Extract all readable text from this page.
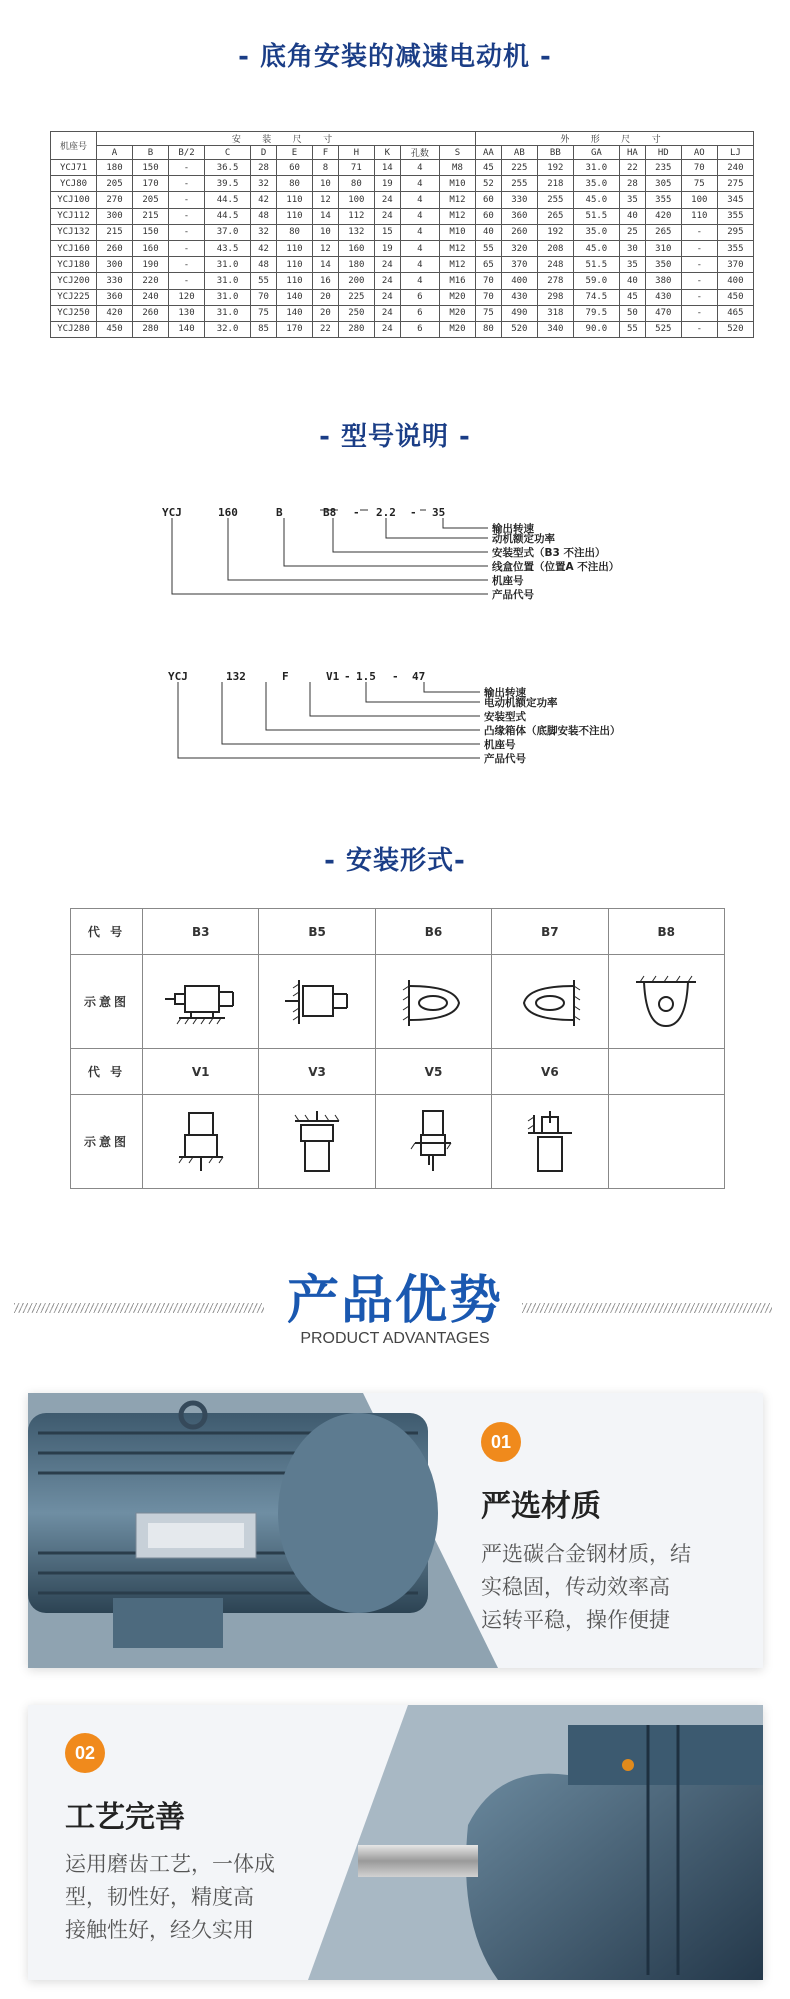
- 底角安装的减速电动机 -
机座号	安 装 尺 寸											外 形 尺 寸							
	A	B	B/2	C	D	E	F	H	K	孔数	S	AA	AB	BB	GA	HA	HD	AO	LJ
YCJ71	180	150	-	36.5	28	60	8	71	14	4	M8	45	225	192	31.0	22	235	70	240
YCJ80	205	170	-	39.5	32	80	10	80	19	4	M10	52	255	218	35.0	28	305	75	275
YCJ100	270	205	-	44.5	42	110	12	100	24	4	M12	60	330	255	45.0	35	355	100	345
YCJ112	300	215	-	44.5	48	110	14	112	24	4	M12	60	360	265	51.5	40	420	110	355
YCJ132	215	150	-	37.0	32	80	10	132	15	4	M10	40	260	192	35.0	25	265	-	295
YCJ160	260	160	-	43.5	42	110	12	160	19	4	M12	55	320	208	45.0	30	310	-	355
YCJ180	300	190	-	31.0	48	110	14	180	24	4	M12	65	370	248	51.5	35	350	-	370
YCJ200	330	220	-	31.0	55	110	16	200	24	4	M16	70	400	278	59.0	40	380	-	400
YCJ225	360	240	120	31.0	70	140	20	225	24	6	M20	70	430	298	74.5	45	430	-	450
YCJ250	420	260	130	31.0	75	140	20	250	24	6	M20	75	490	318	79.5	50	470	-	465
YCJ280	450	280	140	32.0	85	170	22	280	24	6	M20	80	520	340	90.0	55	525	-	520
- 型号说明 -
YCJ	160	B	B8 - 2.2 - 35
输出转速
动机额定功率
安装型式（B3 不注出）
线盒位置（位置A 不注出）
机座号
产品代号
YCJ	132	F	V1 - 1.5 - 47
输出转速
电动机额定功率
安装型式
凸缘箱体（底脚安装不注出）
机座号
产品代号
- 安装形式-
代 号	B3	B5	B6	B7	B8
示意图	

代 号	V1	V3	V5	V6	
示意图	

产品优势
PRODUCT ADVANTAGES
01
严选材质
严选碳合金钢材质，结
实稳固，传动效率高
运转平稳，操作便捷
02
工艺完善
运用磨齿工艺，一体成
型，韧性好，精度高
接触性好，经久实用
